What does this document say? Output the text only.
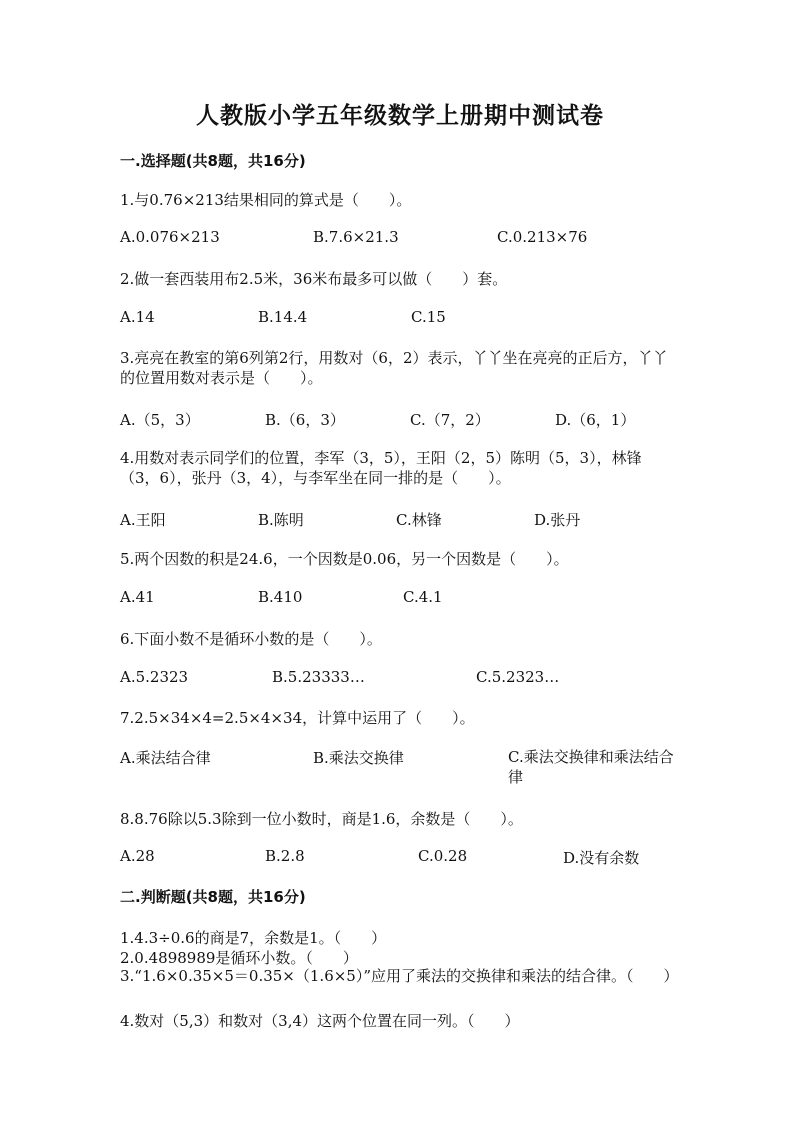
人教版小学五年级数学上册期中测试卷
一.选择题(共8题，共16分)
1.与0.76×213结果相同的算式是（　　）。
A.0.076×213	B.7.6×21.3	C.0.213×76
2.做一套西装用布2.5米，36米布最多可以做（　　）套。
A.14	B.14.4	C.15
3.亮亮在教室的第6列第2行，用数对（6，2）表示，丫丫坐在亮亮的正后方，丫丫的位置用数对表示是（　　）。
A.（5，3）	B.（6，3）	C.（7，2）	D.（6，1）
4.用数对表示同学们的位置，李军（3，5），王阳（2，5）陈明（5，3），林锋（3，6），张丹（3，4），与李军坐在同一排的是（　　）。
A.王阳	B.陈明	C.林锋	D.张丹
5.两个因数的积是24.6，一个因数是0.06，另一个因数是（　　）。
A.41	B.410	C.4.1
6.下面小数不是循环小数的是（　　）。
A.5.2323	B.5.23333…	C.5.2323…
7.2.5×34×4=2.5×4×34，计算中运用了（　　）。
A.乘法结合律	B.乘法交换律	C.乘法交换律和乘法结合律
8.8.76除以5.3除到一位小数时，商是1.6，余数是（　　）。
A.28	B.2.8	C.0.28	D.没有余数
二.判断题(共8题，共16分)
1.4.3÷0.6的商是7，余数是1。（　　）
2.0.4898989是循环小数。（　　）
3.“1.6×0.35×5＝0.35×（1.6×5）”应用了乘法的交换律和乘法的结合律。（　　）
4.数对（5,3）和数对（3,4）这两个位置在同一列。（　　）
